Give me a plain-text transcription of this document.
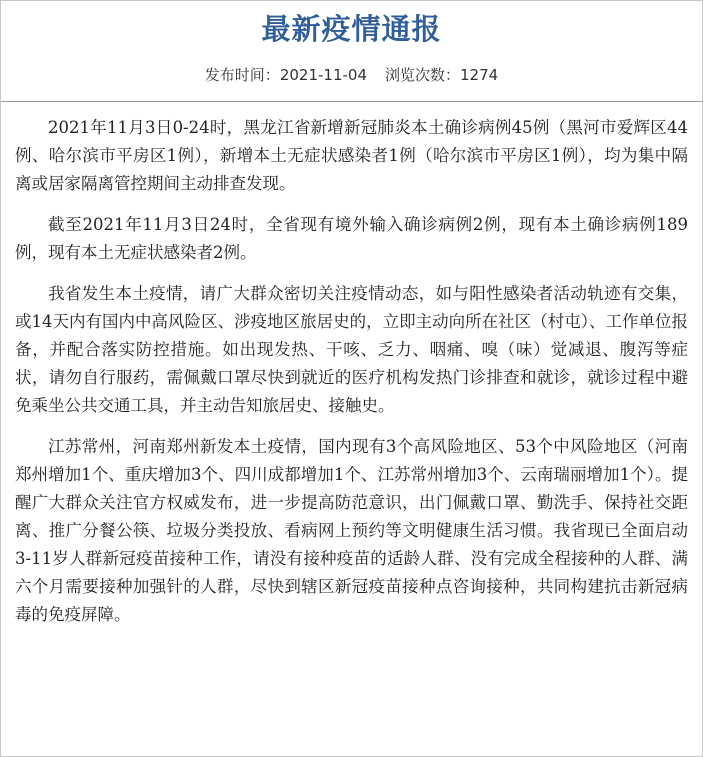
最新疫情通报
发布时间：2021-11-04 浏览次数：1274

2021年11月3日0-24时，黑龙江省新增新冠肺炎本土确诊病例45例（黑河市爱辉区44例、哈尔滨市平房区1例），新增本土无症状感染者1例（哈尔滨市平房区1例），均为集中隔离或居家隔离管控期间主动排查发现。

截至2021年11月3日24时，全省现有境外输入确诊病例2例，现有本土确诊病例189例，现有本土无症状感染者2例。

我省发生本土疫情，请广大群众密切关注疫情动态，如与阳性感染者活动轨迹有交集，或14天内有国内中高风险区、涉疫地区旅居史的，立即主动向所在社区（村屯）、工作单位报备，并配合落实防控措施。如出现发热、干咳、乏力、咽痛、嗅（味）觉减退、腹泻等症状，请勿自行服药，需佩戴口罩尽快到就近的医疗机构发热门诊排查和就诊，就诊过程中避免乘坐公共交通工具，并主动告知旅居史、接触史。

江苏常州，河南郑州新发本土疫情，国内现有3个高风险地区、53个中风险地区（河南郑州增加1个、重庆增加3个、四川成都增加1个、江苏常州增加3个、云南瑞丽增加1个）。提醒广大群众关注官方权威发布，进一步提高防范意识，出门佩戴口罩、勤洗手、保持社交距离、推广分餐公筷、垃圾分类投放、看病网上预约等文明健康生活习惯。我省现已全面启动3-11岁人群新冠疫苗接种工作，请没有接种疫苗的适龄人群、没有完成全程接种的人群、满六个月需要接种加强针的人群，尽快到辖区新冠疫苗接种点咨询接种，共同构建抗击新冠病毒的免疫屏障。
